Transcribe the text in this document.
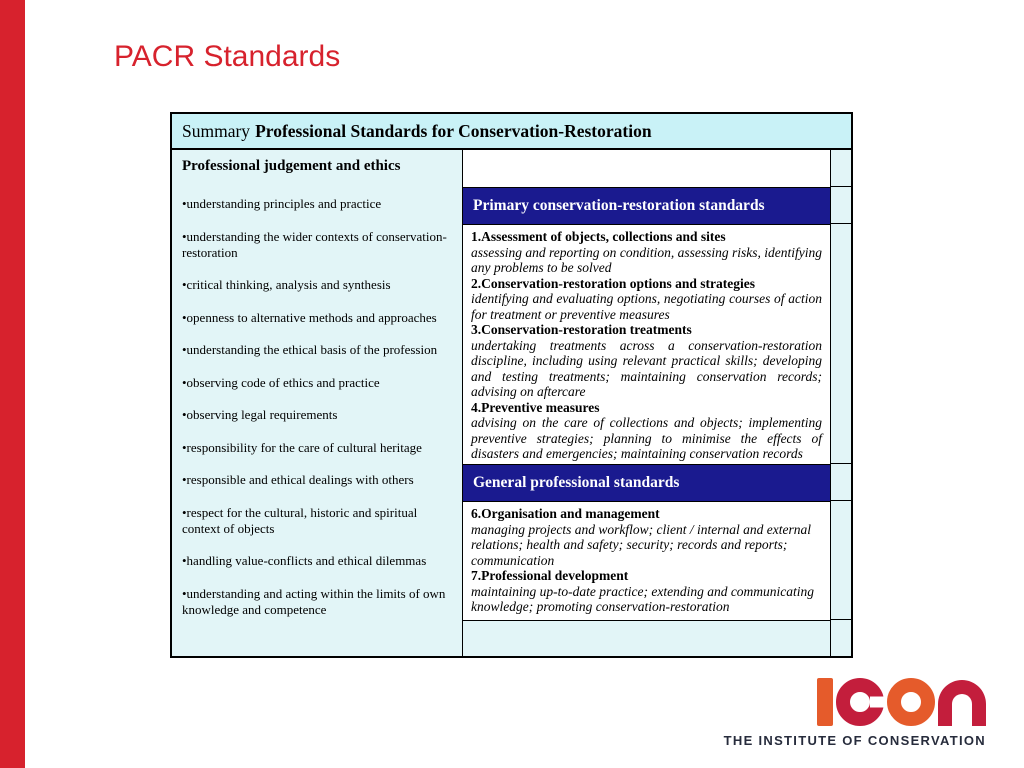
PACR Standards
Summary Professional Standards for Conservation-Restoration
Professional judgement and ethics
•understanding principles and practice
•understanding the wider contexts of conservation-restoration
•critical thinking, analysis and synthesis
•openness to alternative methods and approaches
•understanding the ethical basis of the profession
•observing code of ethics and practice
•observing legal requirements
•responsibility for the care of cultural heritage
•responsible and ethical dealings with others
•respect for the cultural, historic and spiritual context of objects
•handling value-conflicts and ethical dilemmas
•understanding and acting within the limits of own knowledge and competence
Primary conservation-restoration standards
1.Assessment of objects, collections and sites
assessing and reporting on condition, assessing risks, identifying any problems to be solved
2.Conservation-restoration options and strategies
identifying and evaluating options, negotiating courses of action for treatment or preventive measures
3.Conservation-restoration treatments
undertaking treatments across a conservation-restoration discipline, including using relevant practical skills; developing and testing treatments; maintaining conservation records; advising on aftercare
4.Preventive measures
advising on the care of collections and objects; implementing preventive strategies; planning to minimise the effects of disasters and emergencies; maintaining conservation records
General professional standards
6.Organisation and management
managing projects and workflow; client / internal and external relations; health and safety; security; records and reports; communication
7.Professional development
maintaining up-to-date practice; extending and communicating knowledge; promoting conservation-restoration
THE INSTITUTE OF CONSERVATION
